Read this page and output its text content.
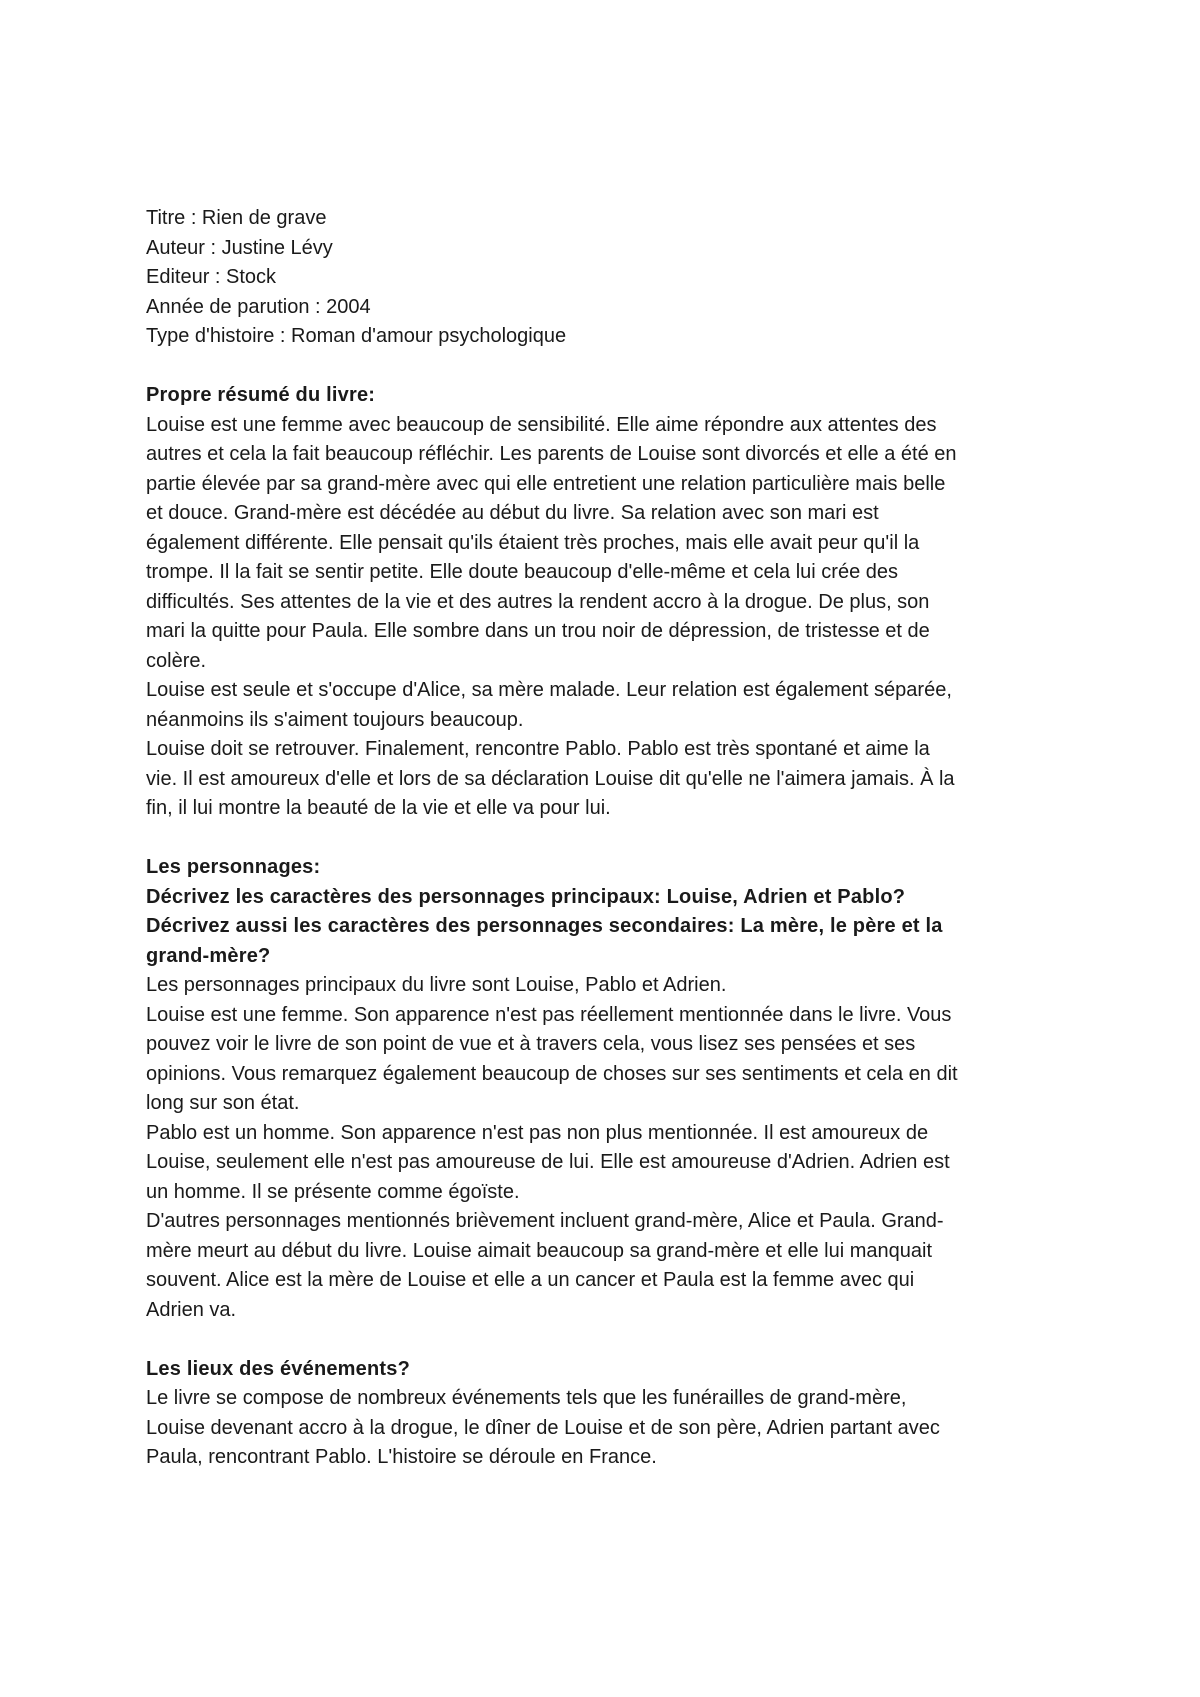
Titre : Rien de grave
Auteur : Justine Lévy
Editeur : Stock
Année de parution : 2004
Type d'histoire : Roman d'amour psychologique
Propre résumé du livre:
Louise est une femme avec beaucoup de sensibilité. Elle aime répondre aux attentes des
autres et cela la fait beaucoup réfléchir. Les parents de Louise sont divorcés et elle a été en
partie élevée par sa grand-mère avec qui elle entretient une relation particulière mais belle
et douce. Grand-mère est décédée au début du livre. Sa relation avec son mari est
également différente. Elle pensait qu'ils étaient très proches, mais elle avait peur qu'il la
trompe. Il la fait se sentir petite. Elle doute beaucoup d'elle-même et cela lui crée des
difficultés. Ses attentes de la vie et des autres la rendent accro à la drogue. De plus, son
mari la quitte pour Paula. Elle sombre dans un trou noir de dépression, de tristesse et de
colère.
Louise est seule et s'occupe d'Alice, sa mère malade. Leur relation est également séparée,
néanmoins ils s'aiment toujours beaucoup.
Louise doit se retrouver. Finalement, rencontre Pablo. Pablo est très spontané et aime la
vie. Il est amoureux d'elle et lors de sa déclaration Louise dit qu'elle ne l'aimera jamais. À la
fin, il lui montre la beauté de la vie et elle va pour lui.
Les personnages:
Décrivez les caractères des personnages principaux: Louise, Adrien et Pablo?
Décrivez aussi les caractères des personnages secondaires: La mère, le père et la
grand-mère?
Les personnages principaux du livre sont Louise, Pablo et Adrien.
Louise est une femme. Son apparence n'est pas réellement mentionnée dans le livre. Vous
pouvez voir le livre de son point de vue et à travers cela, vous lisez ses pensées et ses
opinions. Vous remarquez également beaucoup de choses sur ses sentiments et cela en dit
long sur son état.
Pablo est un homme. Son apparence n'est pas non plus mentionnée. Il est amoureux de
Louise, seulement elle n'est pas amoureuse de lui. Elle est amoureuse d'Adrien. Adrien est
un homme. Il se présente comme égoïste.
D'autres personnages mentionnés brièvement incluent grand-mère, Alice et Paula. Grand-
mère meurt au début du livre. Louise aimait beaucoup sa grand-mère et elle lui manquait
souvent. Alice est la mère de Louise et elle a un cancer et Paula est la femme avec qui
Adrien va.
Les lieux des événements?
Le livre se compose de nombreux événements tels que les funérailles de grand-mère,
Louise devenant accro à la drogue, le dîner de Louise et de son père, Adrien partant avec
Paula, rencontrant Pablo. L'histoire se déroule en France.
